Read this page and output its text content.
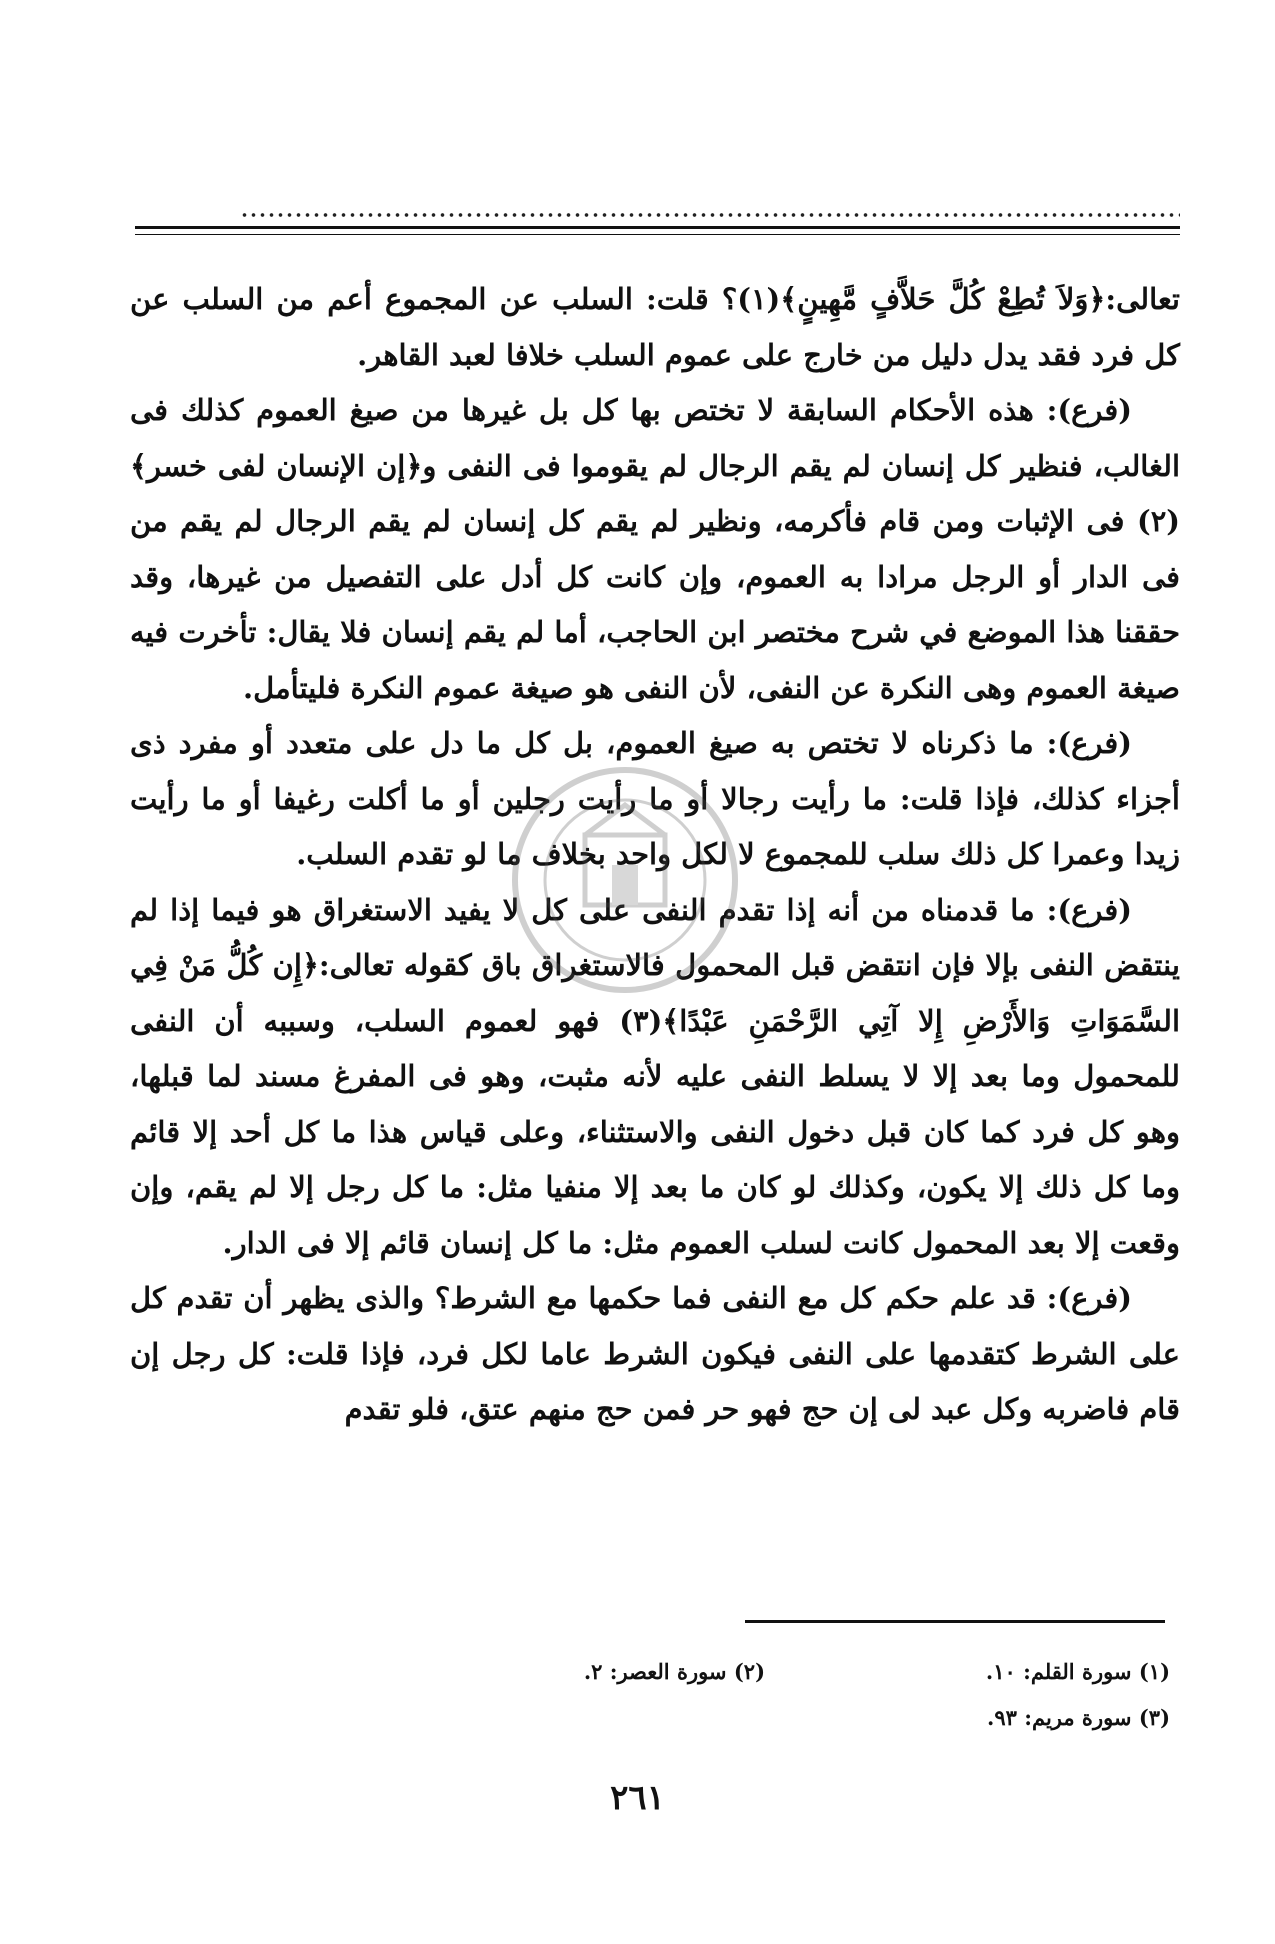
تعالى:﴿وَلاَ تُطِعْ كُلَّ حَلاَّفٍ مَّهِينٍ﴾(١)؟ قلت: السلب عن المجموع أعم من السلب عن كل فرد فقد يدل دليل من خارج على عموم السلب خلافا لعبد القاهر.

(فرع): هذه الأحكام السابقة لا تختص بها كل بل غيرها من صيغ العموم كذلك فى الغالب، فنظير كل إنسان لم يقم الرجال لم يقوموا فى النفى و﴿إن الإنسان لفى خسر﴾(٢) فى الإثبات ومن قام فأكرمه، ونظير لم يقم كل إنسان لم يقم الرجال لم يقم من فى الدار أو الرجل مرادا به العموم، وإن كانت كل أدل على التفصيل من غيرها، وقد حققنا هذا الموضع في شرح مختصر ابن الحاجب، أما لم يقم إنسان فلا يقال: تأخرت فيه صيغة العموم وهى النكرة عن النفى، لأن النفى هو صيغة عموم النكرة فليتأمل.

(فرع): ما ذكرناه لا تختص به صيغ العموم، بل كل ما دل على متعدد أو مفرد ذى أجزاء كذلك، فإذا قلت: ما رأيت رجالا أو ما رأيت رجلين أو ما أكلت رغيفا أو ما رأيت زيدا وعمرا كل ذلك سلب للمجموع لا لكل واحد بخلاف ما لو تقدم السلب.

(فرع): ما قدمناه من أنه إذا تقدم النفى على كل لا يفيد الاستغراق هو فيما إذا لم ينتقض النفى بإلا فإن انتقض قبل المحمول فالاستغراق باق كقوله تعالى:﴿إِن كُلُّ مَنْ فِي السَّمَوَاتِ وَالأَرْضِ إِلا آتِي الرَّحْمَنِ عَبْدًا﴾(٣) فهو لعموم السلب، وسببه أن النفى للمحمول وما بعد إلا لا يسلط النفى عليه لأنه مثبت، وهو فى المفرغ مسند لما قبلها، وهو كل فرد كما كان قبل دخول النفى والاستثناء، وعلى قياس هذا ما كل أحد إلا قائم وما كل ذلك إلا يكون، وكذلك لو كان ما بعد إلا منفيا مثل: ما كل رجل إلا لم يقم، وإن وقعت إلا بعد المحمول كانت لسلب العموم مثل: ما كل إنسان قائم إلا فى الدار.

(فرع): قد علم حكم كل مع النفى فما حكمها مع الشرط؟ والذى يظهر أن تقدم كل على الشرط كتقدمها على النفى فيكون الشرط عاما لكل فرد، فإذا قلت: كل رجل إن قام فاضربه وكل عبد لى إن حج فهو حر فمن حج منهم عتق، فلو تقدم

(١) سورة القلم: ١٠.
(٢) سورة العصر: ٢.
(٣) سورة مريم: ٩٣.
٢٦١
